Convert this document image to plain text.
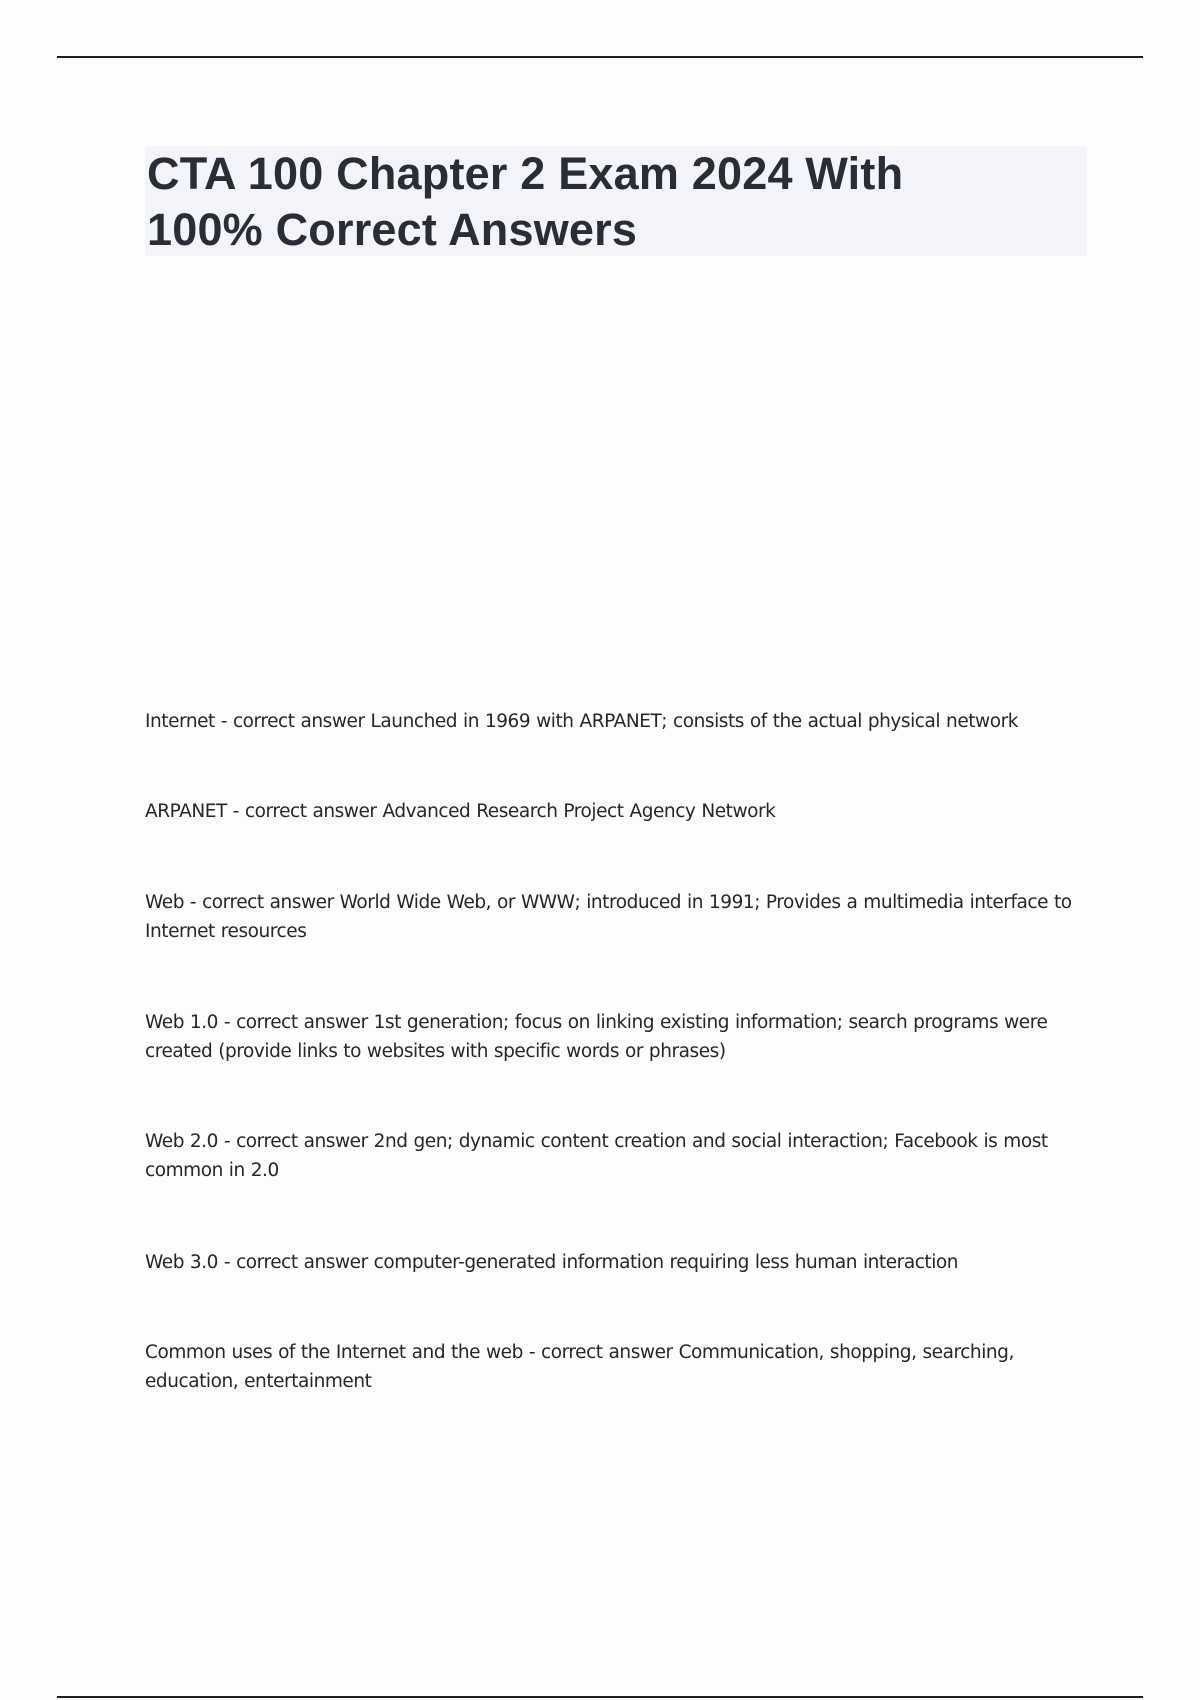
CTA 100 Chapter 2 Exam 2024 With
100% Correct Answers

Internet - correct answer Launched in 1969 with ARPANET; consists of the actual physical network

ARPANET - correct answer Advanced Research Project Agency Network

Web - correct answer World Wide Web, or WWW; introduced in 1991; Provides a multimedia interface to Internet resources

Web 1.0 - correct answer 1st generation; focus on linking existing information; search programs were created (provide links to websites with specific words or phrases)

Web 2.0 - correct answer 2nd gen; dynamic content creation and social interaction; Facebook is most common in 2.0

Web 3.0 - correct answer computer-generated information requiring less human interaction

Common uses of the Internet and the web - correct answer Communication, shopping, searching, education, entertainment
